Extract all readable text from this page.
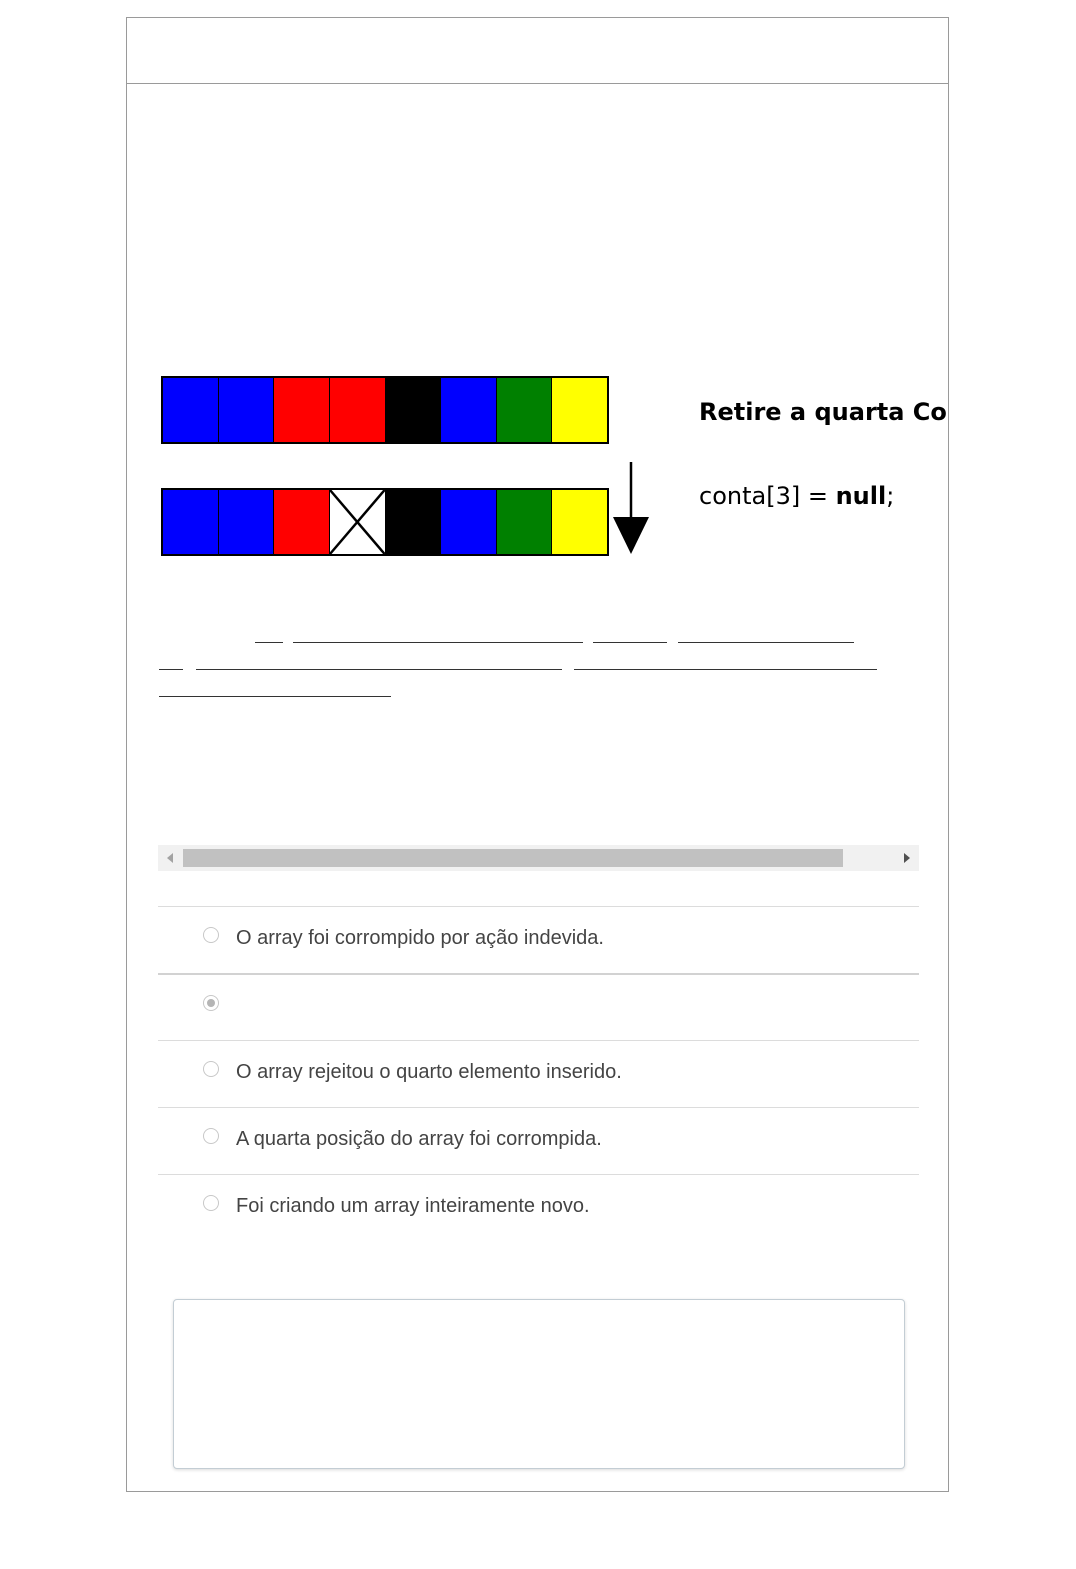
Retire a quarta Co
conta[3] = null;
O array foi corrompido por ação indevida.
O array rejeitou o quarto elemento inserido.
A quarta posição do array foi corrompida.
Foi criando um array inteiramente novo.
